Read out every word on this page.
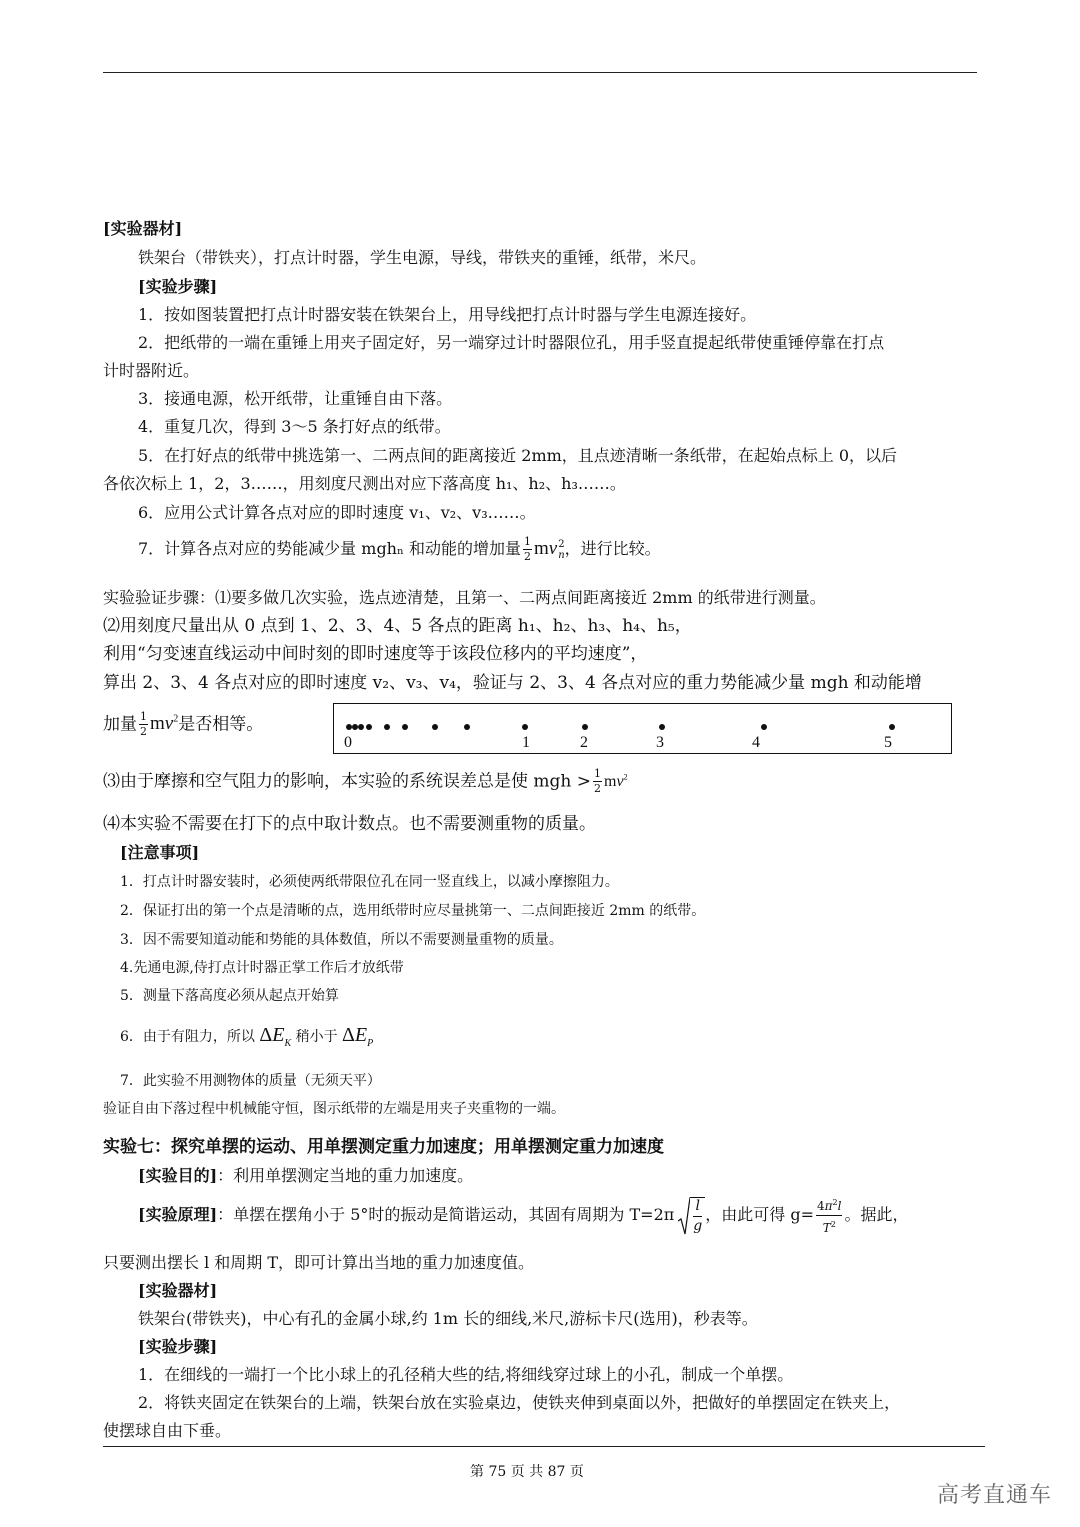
[实验器材]
铁架台（带铁夹），打点计时器，学生电源，导线，带铁夹的重锤，纸带，米尺。
[实验步骤]
1．按如图装置把打点计时器安装在铁架台上，用导线把打点计时器与学生电源连接好。
2．把纸带的一端在重锤上用夹子固定好，另一端穿过计时器限位孔，用手竖直提起纸带使重锤停靠在打点
计时器附近。
3．接通电源，松开纸带，让重锤自由下落。
4．重复几次，得到 3～5 条打好点的纸带。
5．在打好点的纸带中挑选第一、二两点间的距离接近 2mm，且点迹清晰一条纸带，在起始点标上 0，以后
各依次标上 1，2，3……，用刻度尺测出对应下落高度 h₁、h₂、h₃……。
6．应用公式计算各点对应的即时速度 v₁、v₂、v₃……。
7．计算各点对应的势能减少量 mghₙ 和动能的增加量 $\frac{1}{2}$ mv 2
n ，进行比较。
实验验证步骤：⑴要多做几次实验，选点迹清楚，且第一、二两点间距离接近 2mm 的纸带进行测量。
⑵用刻度尺量出从 0 点到 1、2、3、4、5 各点的距离 h₁、h₂、h₃、h₄、h₅，
利用“匀变速直线运动中间时刻的即时速度等于该段位移内的平均速度”，
算出 2、3、4 各点对应的即时速度 v₂、v₃、v₄，验证与 2、3、4 各点对应的重力势能减少量 mgh 和动能增
加量 $\frac{1}{2} mv^2$是否相等。
0	1	2	3	4	5
⑶由于摩擦和空气阻力的影响，本实验的系统误差总是使 mgh > $\frac{1}{2} mv^2$
⑷本实验不需要在打下的点中取计数点。也不需要测重物的质量。
[注意事项]
1．打点计时器安装时，必须使两纸带限位孔在同一竖直线上，以减小摩擦阻力。
2．保证打出的第一个点是清晰的点，选用纸带时应尽量挑第一、二点间距接近 2mm 的纸带。
3．因不需要知道动能和势能的具体数值，所以不需要测量重物的质量。
4.先通电源,侍打点计时器正掌工作后才放纸带
5．测量下落高度必须从起点开始算
6．由于有阻力，所以 $\Delta E_K$ 稍小于 $\Delta E_P$
7．此实验不用测物体的质量（无须天平）
验证自由下落过程中机械能守恒，图示纸带的左端是用夹子夹重物的一端。
实验七：探究单摆的运动、用单摆测定重力加速度；用单摆测定重力加速度
[实验目的]：利用单摆测定当地的重力加速度。
[实验原理]：单摆在摆角小于 5°时的振动是简谐运动，其固有周期为 T=2π l
g
，由此可得 $g= \frac{4\pi^2l}{T^2}$ 。据此，
只要测出摆长 l 和周期 T，即可计算出当地的重力加速度值。
[实验器材]
铁架台(带铁夹)，中心有孔的金属小球,约 1m 长的细线,米尺,游标卡尺(选用)，秒表等。
[实验步骤]
1．在细线的一端打一个比小球上的孔径稍大些的结,将细线穿过球上的小孔，制成一个单摆。
2．将铁夹固定在铁架台的上端，铁架台放在实验桌边，使铁夹伸到桌面以外，把做好的单摆固定在铁夹上，
使摆球自由下垂。
第 75 页 共 87 页
高考直通车
